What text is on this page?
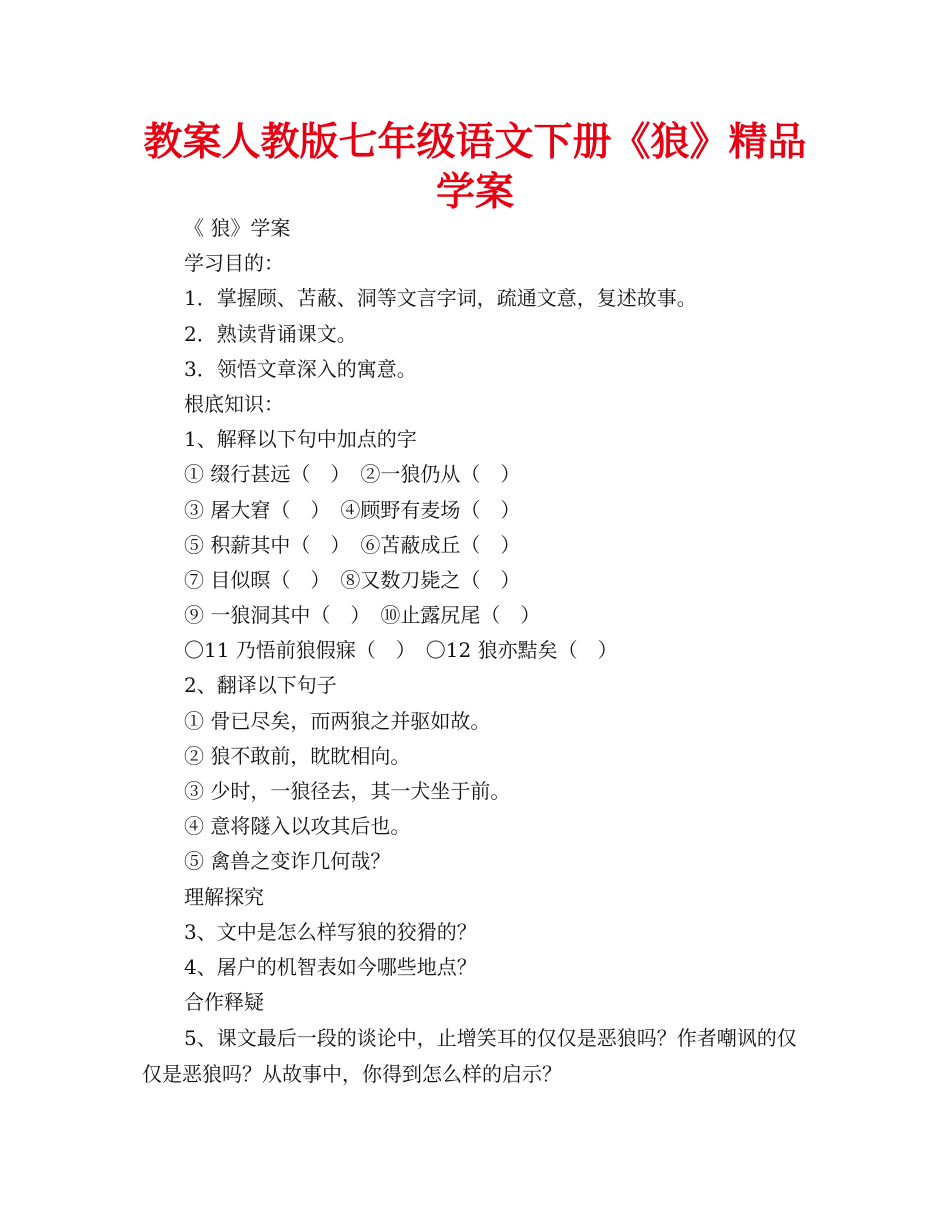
教案人教版七年级语文下册《狼》精品学案
《 狼》学案
学习目的：
1．掌握顾、苫蔽、洞等文言字词，疏通文意，复述故事。
2．熟读背诵课文。
3．领悟文章深入的寓意。
根底知识：
1、解释以下句中加点的字
① 缀行甚远（　）　②一狼仍从（　）
③ 屠大窘（　）　④顾野有麦场（　）
⑤ 积薪其中（　）　⑥苫蔽成丘（　）
⑦ 目似暝（　）　⑧又数刀毙之（　）
⑨ 一狼洞其中（　）　⑩止露尻尾（　）
〇11 乃悟前狼假寐（　）　〇12 狼亦黠矣（　）
2、翻译以下句子
① 骨已尽矣，而两狼之并驱如故。
② 狼不敢前，眈眈相向。
③ 少时，一狼径去，其一犬坐于前。
④ 意将隧入以攻其后也。
⑤ 禽兽之变诈几何哉？
理解探究
3、文中是怎么样写狼的狡猾的？
4、屠户的机智表如今哪些地点？
合作释疑
5、课文最后一段的谈论中，止增笑耳的仅仅是恶狼吗？作者嘲讽的仅仅是恶狼吗？从故事中，你得到怎么样的启示？
